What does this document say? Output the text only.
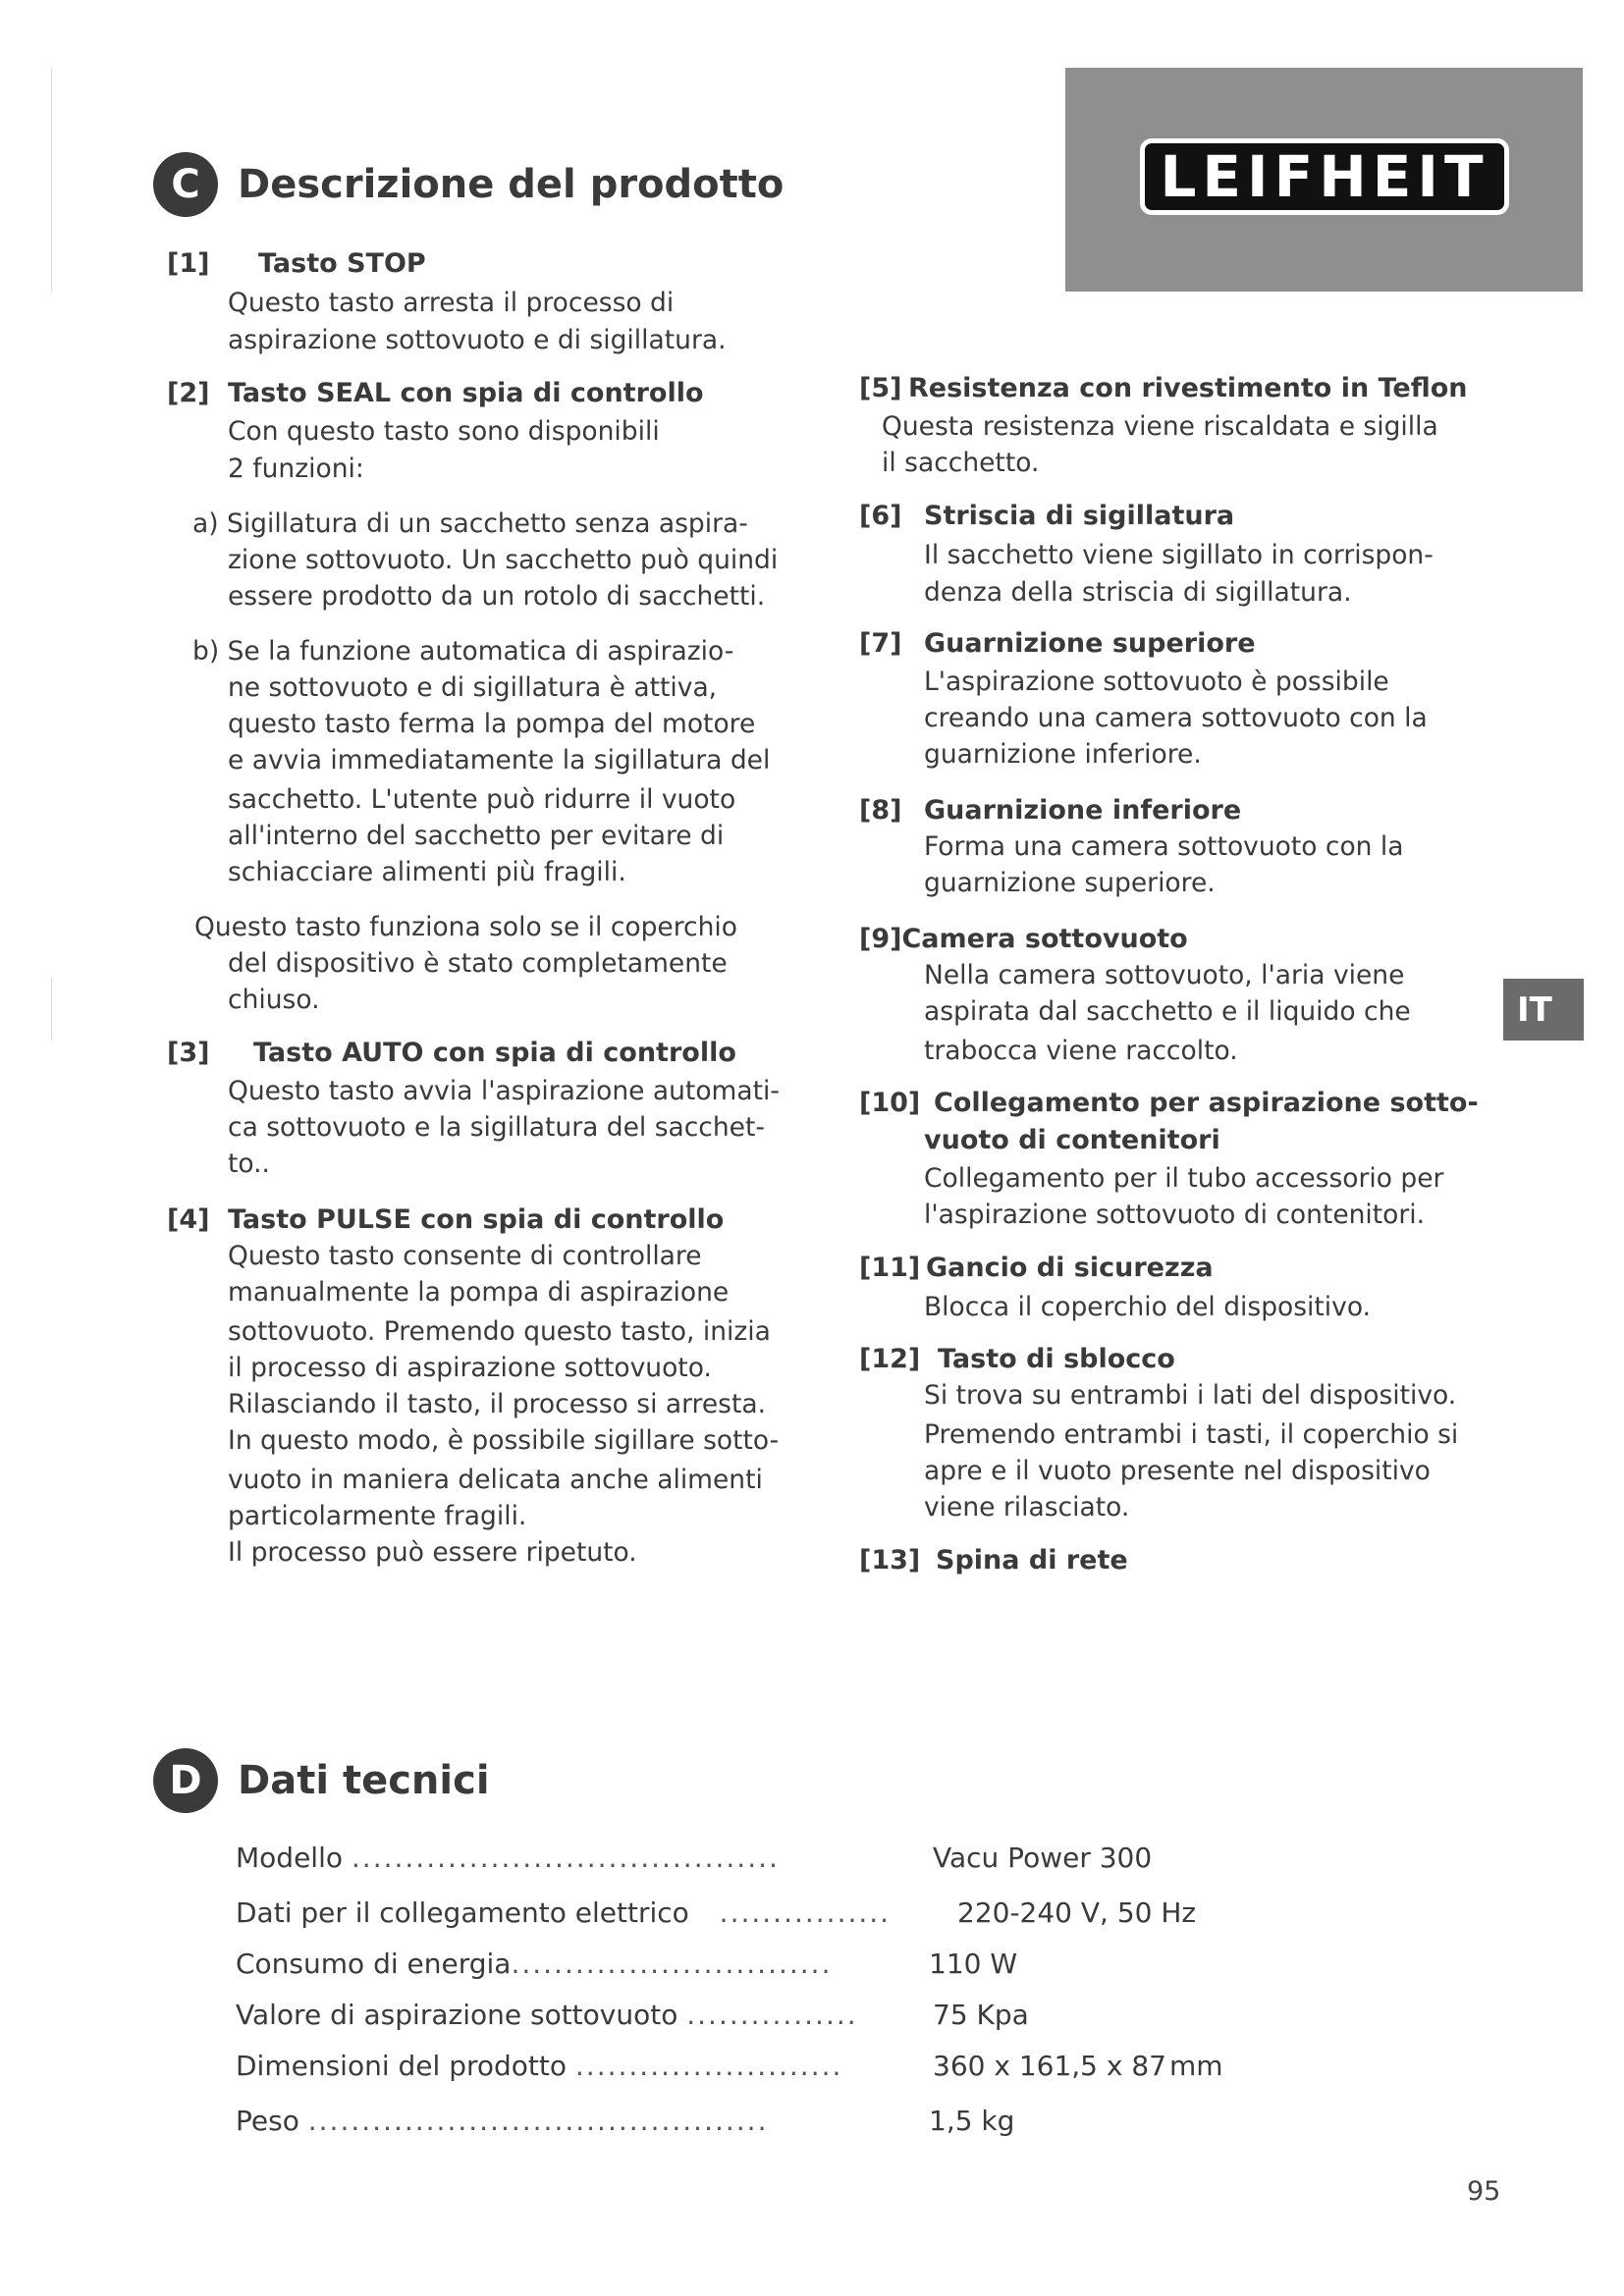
LEIFHEIT
C Descrizione del prodotto
[1] Tasto STOP

Questo tasto arresta il processo di

aspirazione sottovuoto e di sigillatura.

[2] Tasto SEAL con spia di controllo

Con questo tasto sono disponibili

2 funzioni:

a) Sigillatura di un sacchetto senza aspira-

zione sottovuoto. Un sacchetto può quindi

essere prodotto da un rotolo di sacchetti.

b) Se la funzione automatica di aspirazio-

ne sottovuoto e di sigillatura è attiva,

questo tasto ferma la pompa del motore

e avvia immediatamente la sigillatura del

sacchetto. L'utente può ridurre il vuoto

all'interno del sacchetto per evitare di

schiacciare alimenti più fragili.

Questo tasto funziona solo se il coperchio

del dispositivo è stato completamente

chiuso.

[3] Tasto AUTO con spia di controllo

Questo tasto avvia l'aspirazione automati-

ca sottovuoto e la sigillatura del sacchet-

to..

[4] Tasto PULSE con spia di controllo

Questo tasto consente di controllare

manualmente la pompa di aspirazione

sottovuoto. Premendo questo tasto, inizia

il processo di aspirazione sottovuoto.

Rilasciando il tasto, il processo si arresta.

In questo modo, è possibile sigillare sotto-

vuoto in maniera delicata anche alimenti

particolarmente fragili.

Il processo può essere ripetuto.

[5] Resistenza con rivestimento in Teflon

Questa resistenza viene riscaldata e sigilla

il sacchetto.

[6] Striscia di sigillatura

Il sacchetto viene sigillato in corrispon-

denza della striscia di sigillatura.

[7] Guarnizione superiore

L'aspirazione sottovuoto è possibile

creando una camera sottovuoto con la

guarnizione inferiore.

[8] Guarnizione inferiore

Forma una camera sottovuoto con la

guarnizione superiore.

[9]Camera sottovuoto

Nella camera sottovuoto, l'aria viene

aspirata dal sacchetto e il liquido che

trabocca viene raccolto.

[10] Collegamento per aspirazione sotto-
vuoto di contenitori

Collegamento per il tubo accessorio per

l'aspirazione sottovuoto di contenitori.

[11] Gancio di sicurezza

Blocca il coperchio del dispositivo.

[12] Tasto di sblocco

Si trova su entrambi i lati del dispositivo.

Premendo entrambi i tasti, il coperchio si

apre e il vuoto presente nel dispositivo

viene rilasciato.

[13] Spina di rete
IT
D Dati tecnici
Modello ........................................	Vacu Power 300
Dati per il collegamento elettrico ................ 220-240 V, 50 Hz
Consumo di energia..............................	110 W
Valore di aspirazione sottovuoto ................	75 Kpa
Dimensioni del prodotto .........................	360 x 161,5 x 87 mm
Peso ...........................................	1,5 kg
95
